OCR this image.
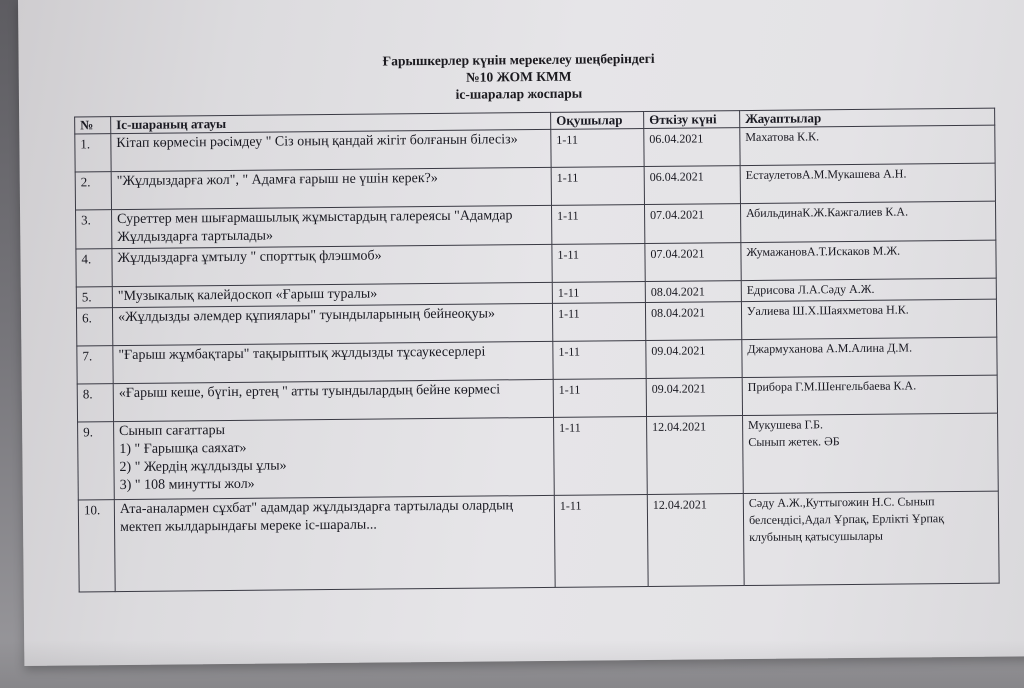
Ғарышкерлер күнін мерекелеу шеңберіндегі
№10 ЖОМ КММ
іс-шаралар жоспары
№	Іс-шараның атауы	Оқушылар	Өткізу күні	Жауаптылар
1.	Кітап көрмесін рәсімдеу " Сіз оның қандай жігіт болғанын білесіз»	1-11	06.04.2021	Махатова К.К.
2.	"Жұлдыздарға жол", " Адамға ғарыш не үшін керек?»	1-11	06.04.2021	ЕстаулетовА.М.Мукашева А.Н.
3.	Суреттер мен шығармашылық жұмыстардың галереясы "Адамдар Жұлдыздарға тартылады»	1-11	07.04.2021	АбильдинаК.Ж.Кажгалиев К.А.
4.	Жұлдыздарға ұмтылу " спорттық флэшмоб»	1-11	07.04.2021	ЖумажановА.Т.Искаков М.Ж.
5.	"Музыкалық калейдоскоп «Ғарыш туралы»	1-11	08.04.2021	Едрисова Л.А.Сәду А.Ж.
6.	«Жұлдызды әлемдер құпиялары" туындыларының бейнеоқуы»	1-11	08.04.2021	Уалиева Ш.Х.Шаяхметова Н.К.
7.	"Ғарыш жұмбақтары" тақырыптық жұлдызды тұсаукесерлері	1-11	09.04.2021	Джармуханова А.М.Алина Д.М.
8.	«Ғарыш кеше, бүгін, ертең " атты туындылардың бейне көрмесі	1-11	09.04.2021	Прибора Г.М.Шенгельбаева К.А.
9.	Сынып сағаттары
1) " Ғарышқа саяхат»
2) " Жердің жұлдызды ұлы»
3) " 108 минутты жол»	1-11	12.04.2021	Мукушева Г.Б.
Сынып жетек. ӘБ

10.	Ата-аналармен сұхбат" адамдар жұлдыздарға тартылады олардың мектеп жылдарындағы мереке іс-шаралы...	1-11	12.04.2021	Сәду А.Ж.,Куттыгожин Н.С. Сынып белсендісі,Адал Ұрпақ, Ерлікті Ұрпақ клубының қатысушылары
